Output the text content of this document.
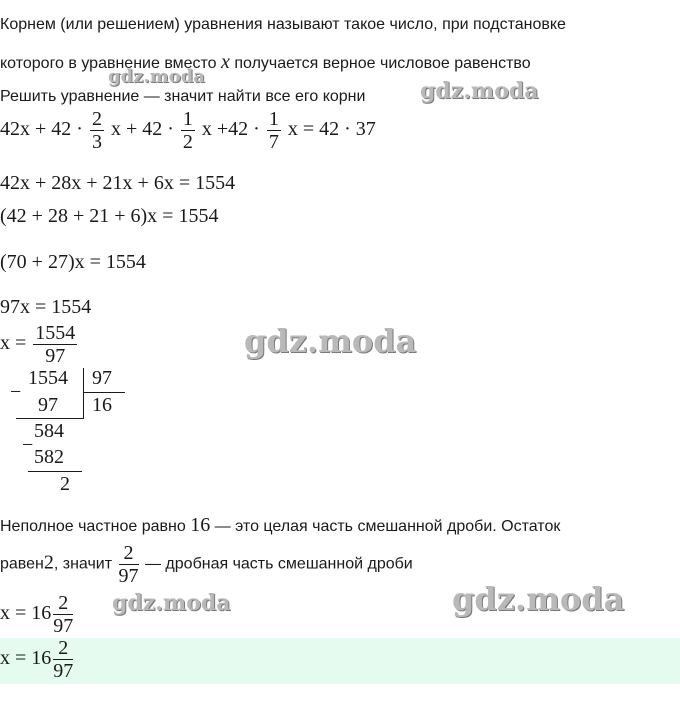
Корнем (или решением) уравнения называют такое число, при подстановке
которого в уравнение вместо x получается верное числовое равенство
Решить уравнение — значит найти все его корни
$42x + 42 \cdot \frac{2}{3}$ $x + 42 \cdot \frac{1}{2}$ $x +42 \cdot \frac{1}{7}$ x = 42 · 37
42x + 28x + 21x + 6x = 1554
(42 + 28 + 21 + 6)x = 1554
(70 + 27)x = 1554
97x = 1554
$x = \frac{1554}{97}$
−
1554 97
97 16
584
−
582
2
Неполное частное равно 16 — это целая часть смешанной дроби. Остаток
равен2, значит $\frac{2}{97}$ — дробная часть смешанной дроби
$x = 16 \frac{2}{97}$
$x = 16 \frac{2}{97}$
gdz.moda
gdz.moda
gdz.moda
gdz.moda	gdz.moda
